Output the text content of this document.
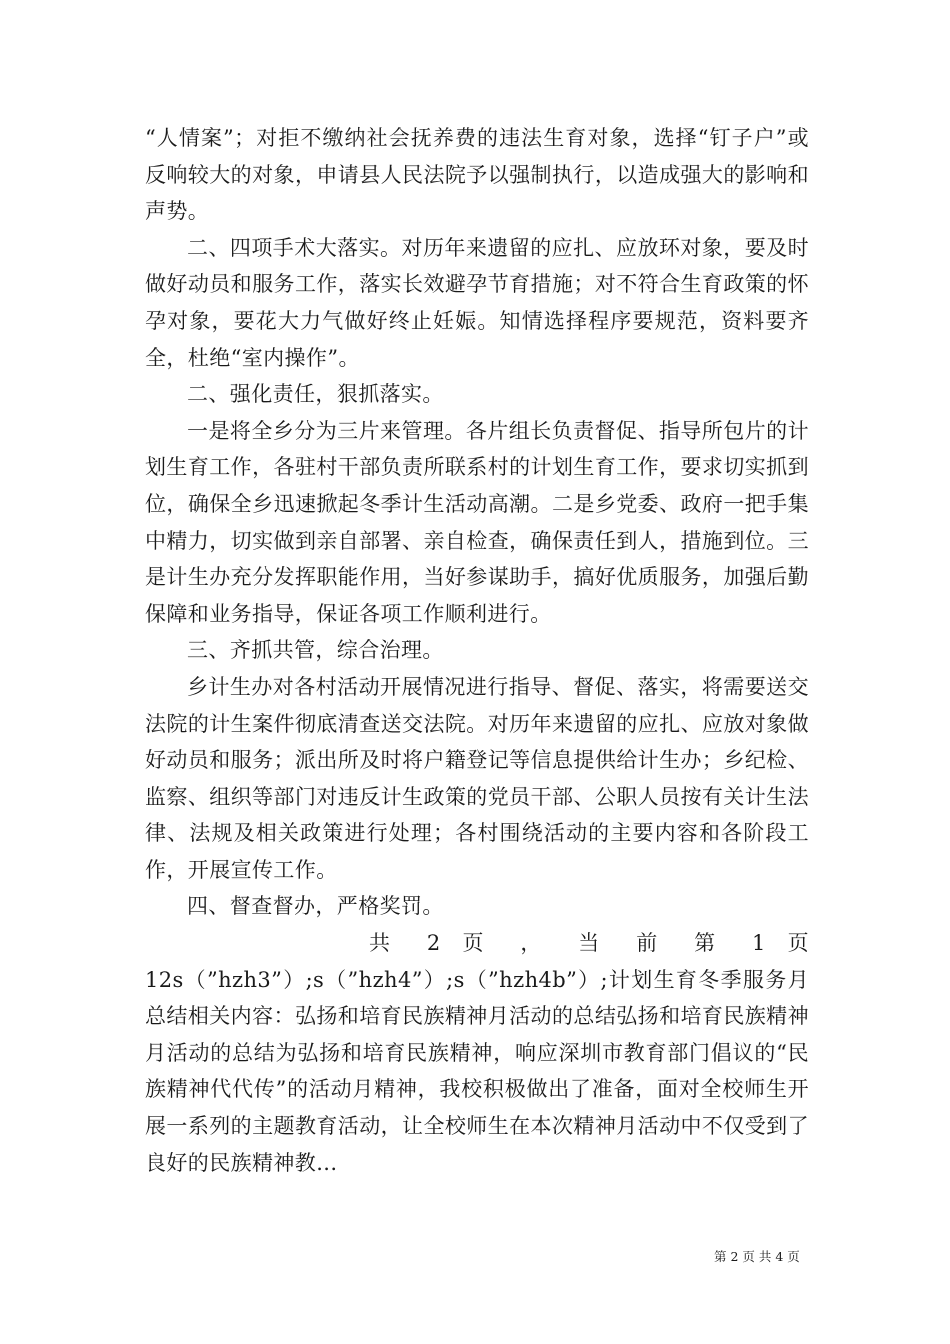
“人情案”；对拒不缴纳社会抚养费的违法生育对象，选择“钉子户”或反响较大的对象，申请县人民法院予以强制执行，以造成强大的影响和声势。

二、四项手术大落实。对历年来遗留的应扎、应放环对象，要及时做好动员和服务工作，落实长效避孕节育措施；对不符合生育政策的怀孕对象，要花大力气做好终止妊娠。知情选择程序要规范，资料要齐全，杜绝“室内操作”。

二、强化责任，狠抓落实。

一是将全乡分为三片来管理。各片组长负责督促、指导所包片的计划生育工作，各驻村干部负责所联系村的计划生育工作，要求切实抓到位，确保全乡迅速掀起冬季计生活动高潮。二是乡党委、政府一把手集中精力，切实做到亲自部署、亲自检查，确保责任到人，措施到位。三是计生办充分发挥职能作用，当好参谋助手，搞好优质服务，加强后勤保障和业务指导，保证各项工作顺利进行。

三、齐抓共管，综合治理。

乡计生办对各村活动开展情况进行指导、督促、落实，将需要送交法院的计生案件彻底清查送交法院。对历年来遗留的应扎、应放对象做好动员和服务；派出所及时将户籍登记等信息提供给计生办；乡纪检、监察、组织等部门对违反计生政策的党员干部、公职人员按有关计生法律、法规及相关政策进行处理；各村围绕活动的主要内容和各阶段工作，开展宣传工作。

四、督查督办，严格奖罚。

共 2 页 ， 当 前 第 1 页

12s（”hzh3”）;s（”hzh4”）;s（”hzh4b”）;计划生育冬季服务月总结相关内容：弘扬和培育民族精神月活动的总结弘扬和培育民族精神月活动的总结为弘扬和培育民族精神，响应深圳市教育部门倡议的“民族精神代代传”的活动月精神，我校积极做出了准备，面对全校师生开展一系列的主题教育活动，让全校师生在本次精神月活动中不仅受到了良好的民族精神教...

第 2 页 共 4 页
